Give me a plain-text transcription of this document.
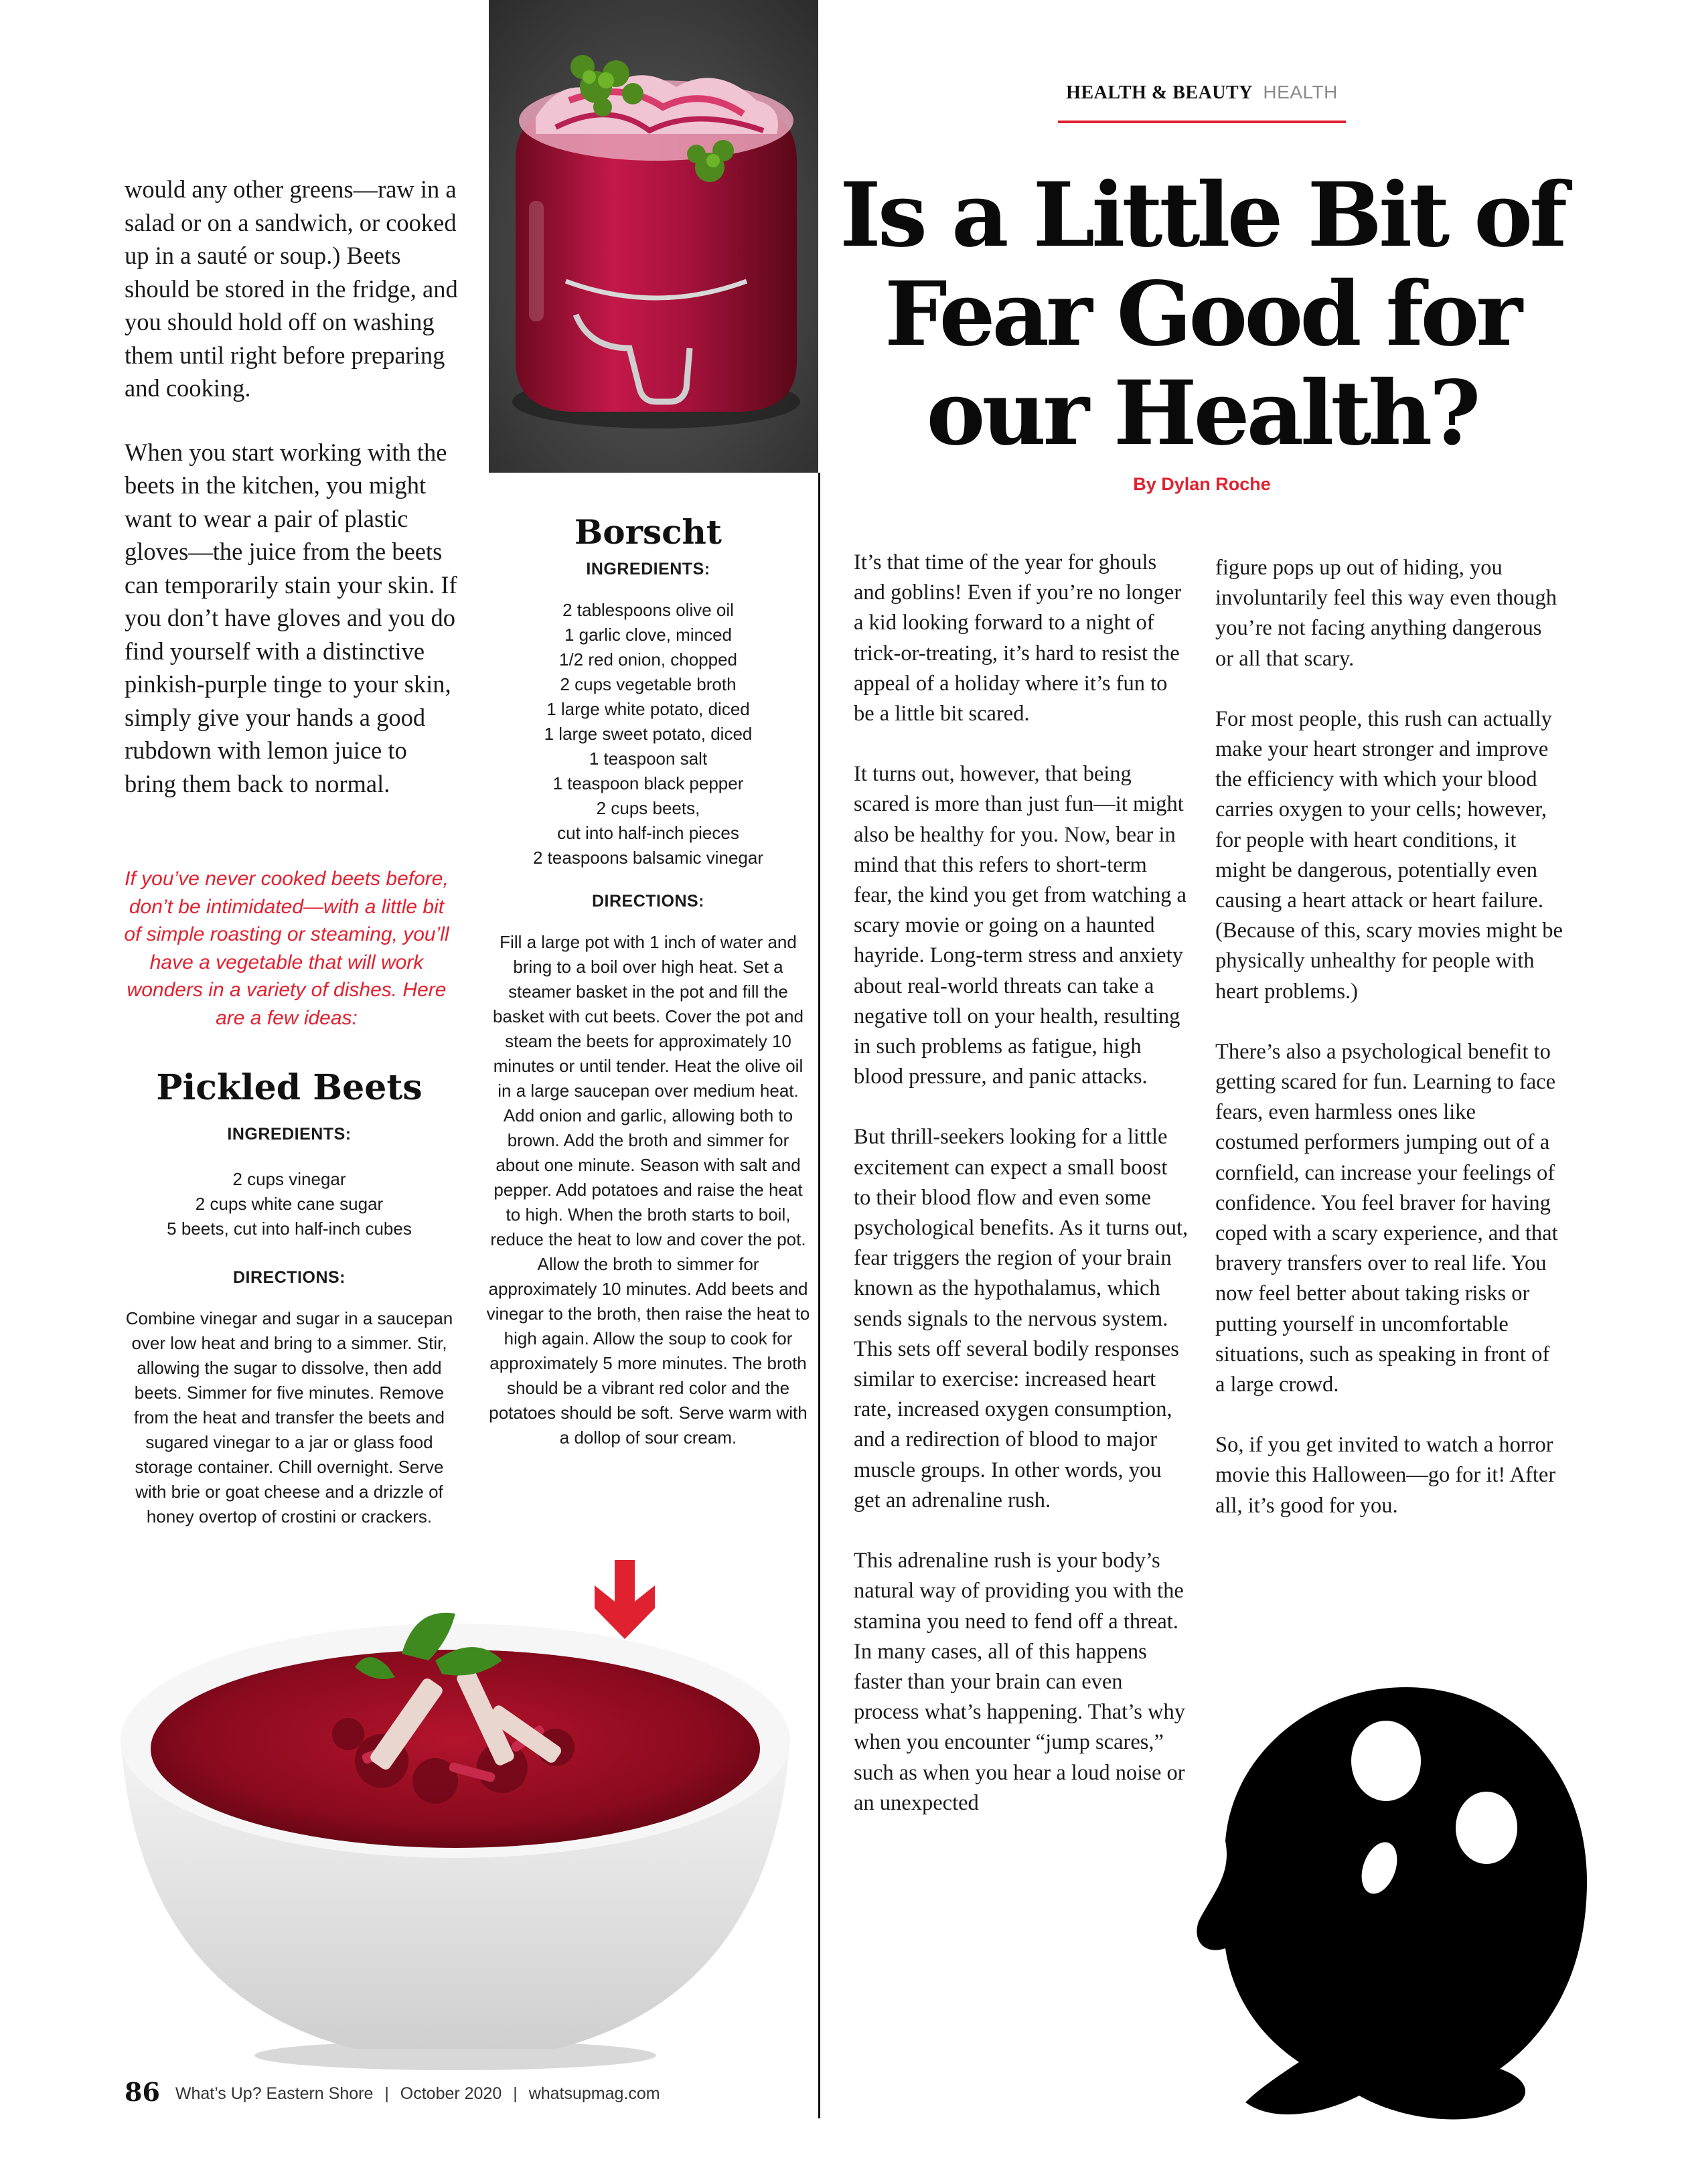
would any other greens—raw in a salad or on a sandwich, or cooked up in a sauté or soup.) Beets should be stored in the fridge, and you should hold off on washing them until right before preparing and cooking.

When you start working with the beets in the kitchen, you might want to wear a pair of plastic gloves—the juice from the beets can temporarily stain your skin. If you don’t have gloves and you do find yourself with a distinctive pinkish-purple tinge to your skin, simply give your hands a good rubdown with lemon juice to bring them back to normal.

If you’ve never cooked beets before, don’t be intimidated—with a little bit of simple roasting or steaming, you’ll have a vegetable that will work wonders in a variety of dishes. Here are a few ideas:
Pickled Beets

INGREDIENTS:

2 cups vinegar
2 cups white cane sugar
5 beets, cut into half-inch cubes

DIRECTIONS:

Combine vinegar and sugar in a saucepan over low heat and bring to a simmer. Stir, allowing the sugar to dissolve, then add beets. Simmer for five minutes. Remove from the heat and transfer the beets and sugared vinegar to a jar or glass food storage container. Chill overnight. Serve with brie or goat cheese and a drizzle of honey overtop of crostini or crackers.

Borscht

INGREDIENTS:

2 tablespoons olive oil
1 garlic clove, minced
1/2 red onion, chopped
2 cups vegetable broth
1 large white potato, diced
1 large sweet potato, diced
1 teaspoon salt
1 teaspoon black pepper
2 cups beets,
cut into half-inch pieces
2 teaspoons balsamic vinegar

DIRECTIONS:

Fill a large pot with 1 inch of water and bring to a boil over high heat. Set a steamer basket in the pot and fill the basket with cut beets. Cover the pot and steam the beets for approximately 10 minutes or until tender. Heat the olive oil in a large saucepan over medium heat. Add onion and garlic, allowing both to brown. Add the broth and simmer for about one minute. Season with salt and pepper. Add potatoes and raise the heat to high. When the broth starts to boil, reduce the heat to low and cover the pot. Allow the broth to simmer for approximately 10 minutes. Add beets and vinegar to the broth, then raise the heat to high again. Allow the soup to cook for approximately 5 more minutes. The broth should be a vibrant red color and the potatoes should be soft. Serve warm with a dollop of sour cream.

HEALTH & BEAUTY HEALTH
Is a Little Bit of
Fear Good for
our Health?
By Dylan Roche

It’s that time of the year for ghouls and goblins! Even if you’re no longer a kid looking forward to a night of trick-or-treating, it’s hard to resist the appeal of a holiday where it’s fun to be a little bit scared.

It turns out, however, that being scared is more than just fun—it might also be healthy for you. Now, bear in mind that this refers to short-term fear, the kind you get from watching a scary movie or going on a haunted hayride. Long-term stress and anxiety about real-world threats can take a negative toll on your health, resulting in such problems as fatigue, high blood pressure, and panic attacks.

But thrill-seekers looking for a little excitement can expect a small boost to their blood flow and even some psychological benefits. As it turns out, fear triggers the region of your brain known as the hypothalamus, which sends signals to the nervous system. This sets off several bodily responses similar to exercise: increased heart rate, increased oxygen consumption, and a redirection of blood to major muscle groups. In other words, you get an adrenaline rush.

This adrenaline rush is your body’s natural way of providing you with the stamina you need to fend off a threat. In many cases, all of this happens faster than your brain can even process what’s happening. That’s why when you encounter “jump scares,” such as when you hear a loud noise or an unexpected

figure pops up out of hiding, you involuntarily feel this way even though you’re not facing anything dangerous or all that scary.

For most people, this rush can actually make your heart stronger and improve the efficiency with which your blood carries oxygen to your cells; however, for people with heart conditions, it might be dangerous, potentially even causing a heart attack or heart failure. (Because of this, scary movies might be physically unhealthy for people with heart problems.)

There’s also a psychological benefit to getting scared for fun. Learning to face fears, even harmless ones like costumed performers jumping out of a cornfield, can increase your feelings of confidence. You feel braver for having coped with a scary experience, and that bravery transfers over to real life. You now feel better about taking risks or putting yourself in uncomfortable situations, such as speaking in front of a large crowd.

So, if you get invited to watch a horror movie this Halloween—go for it! After all, it’s good for you.

86 What’s Up? Eastern Shore | October 2020 | whatsupmag.com
